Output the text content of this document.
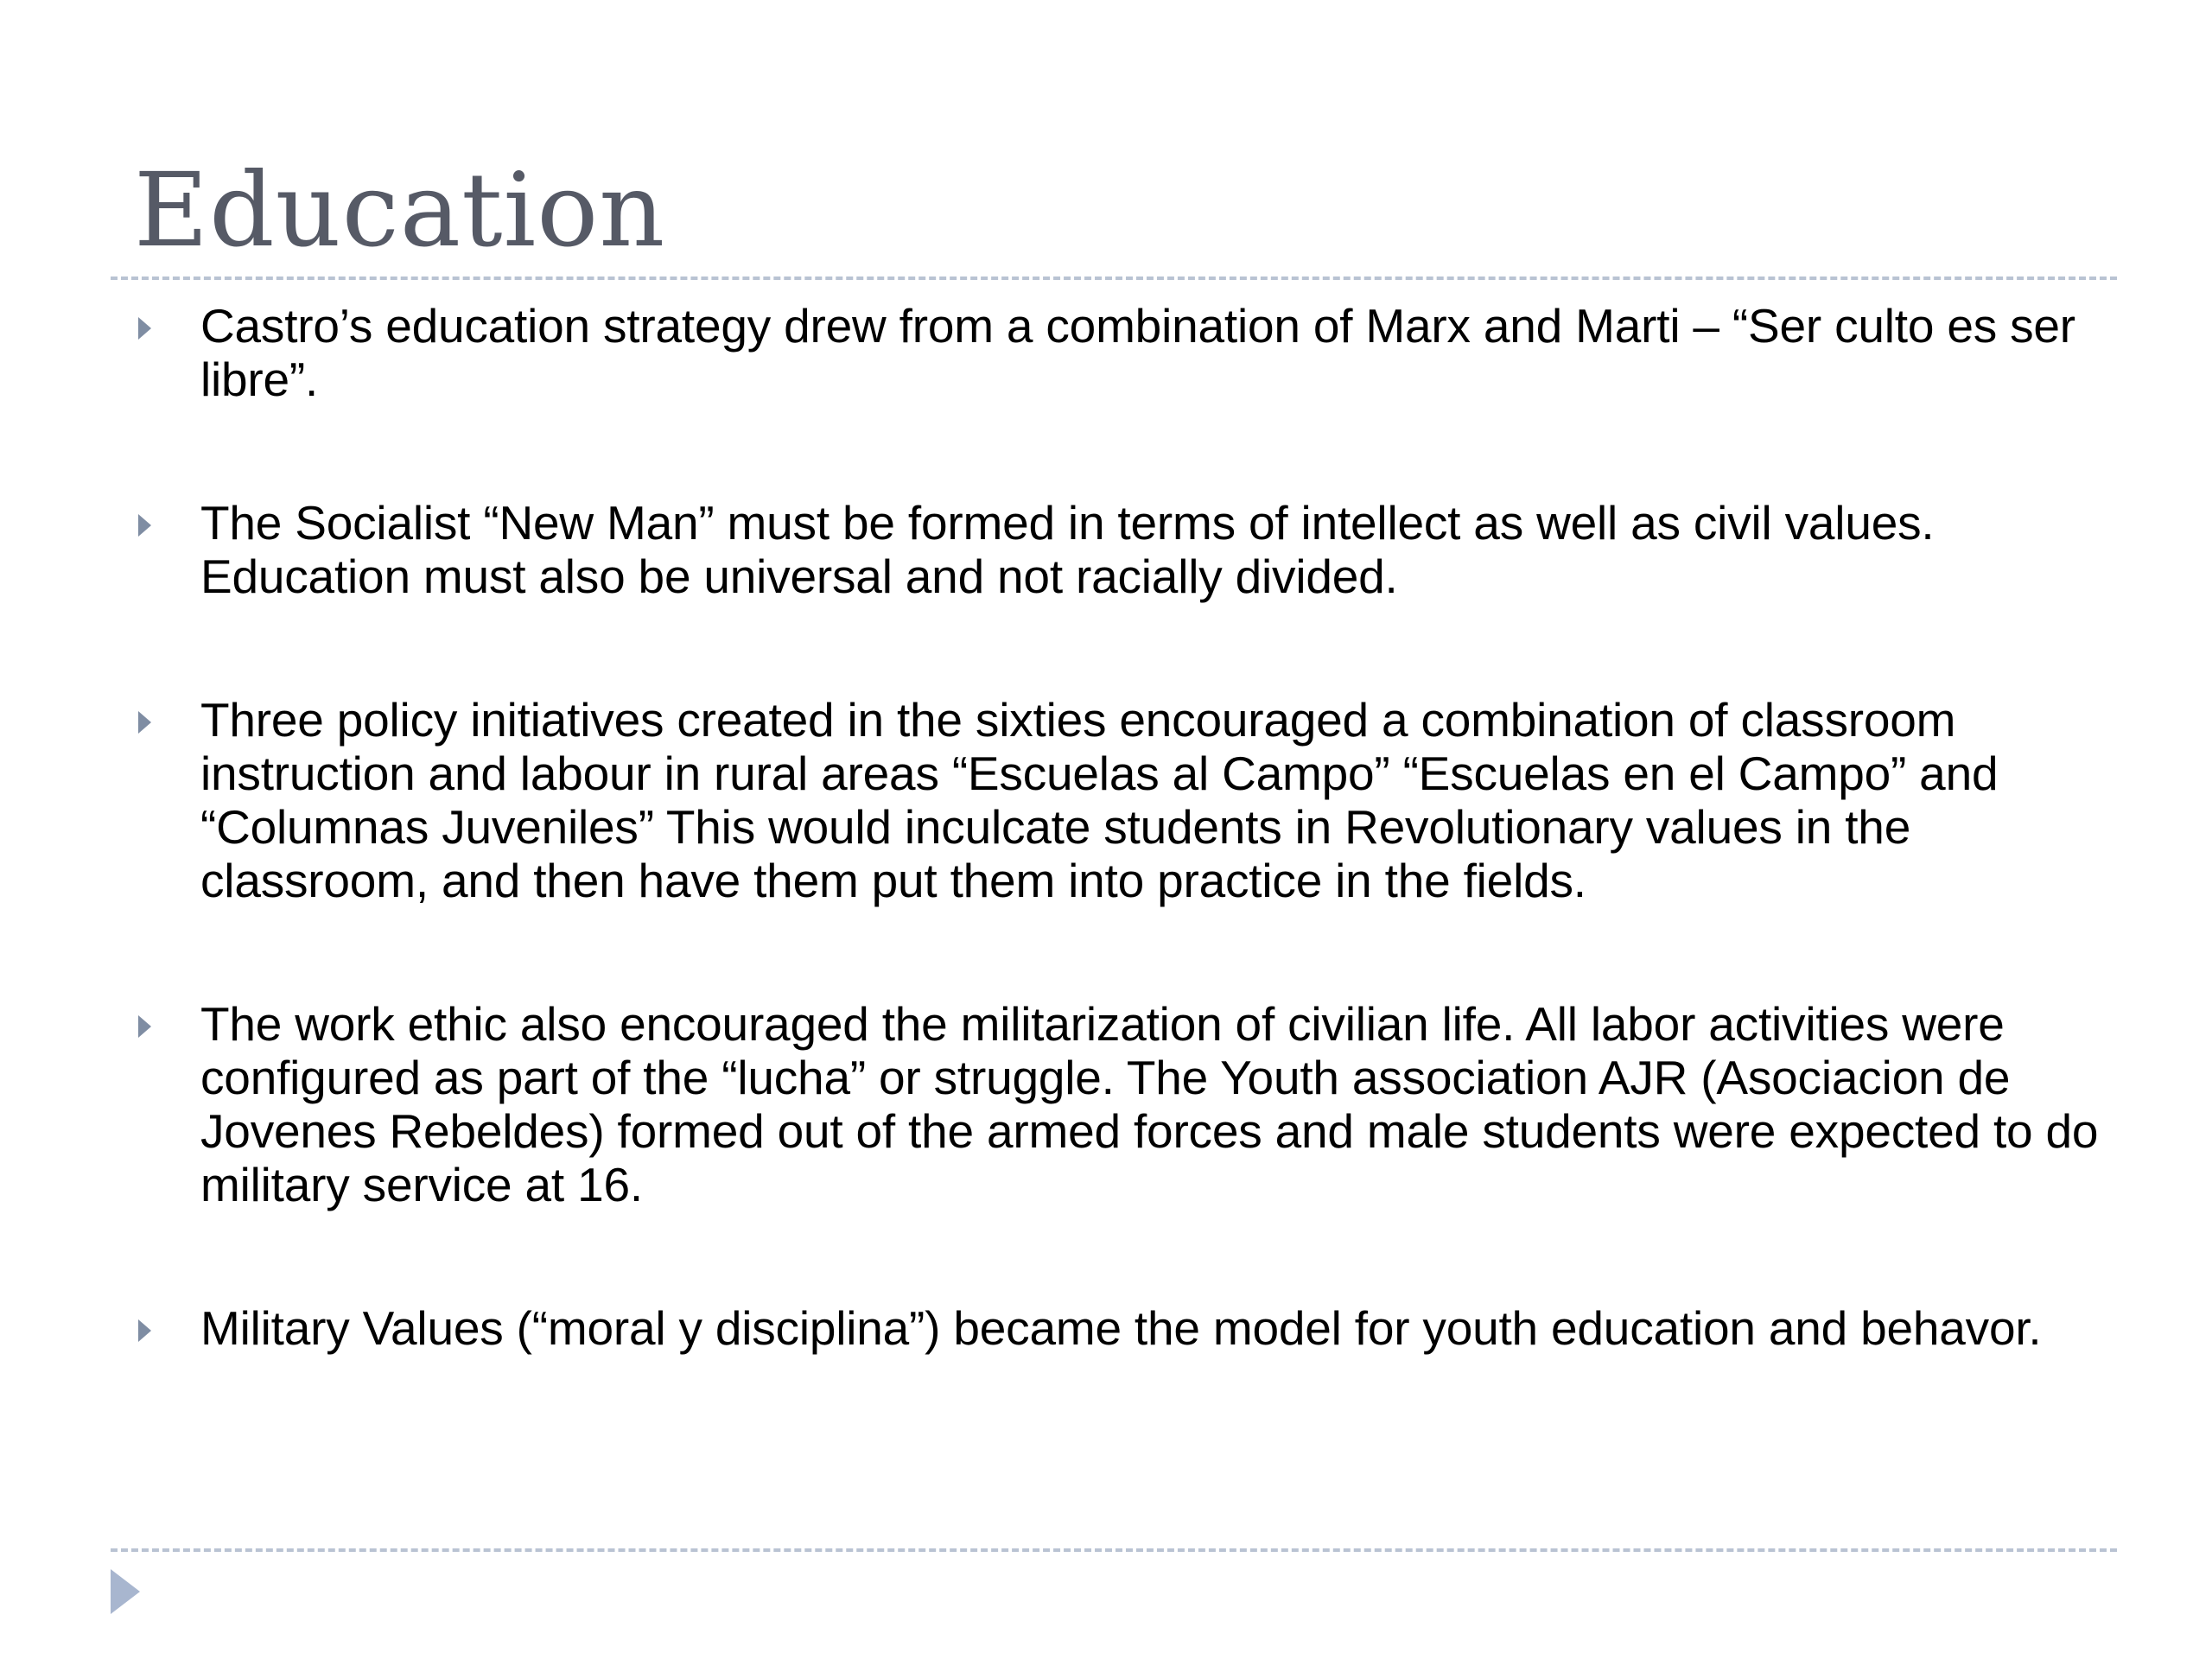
Education
Castro’s education strategy drew from a combination of Marx and Marti – “Ser culto es ser libre”.
The Socialist “New Man” must be formed in terms of intellect as well as civil values. Education must also be universal and not racially divided.
Three policy initiatives created in the sixties encouraged a combination of classroom instruction and labour in rural areas “Escuelas al Campo” “Escuelas en el Campo” and “Columnas Juveniles” This would inculcate students in Revolutionary values in the classroom, and then have them put them into practice in the fields.
The work ethic also encouraged the militarization of civilian life. All labor activities were configured as part of the “lucha” or struggle. The Youth association AJR (Asociacion de Jovenes Rebeldes) formed out of the armed forces and male students were expected to do military service at 16.
Military Values (“moral y disciplina”) became the model for youth education and behavor.
